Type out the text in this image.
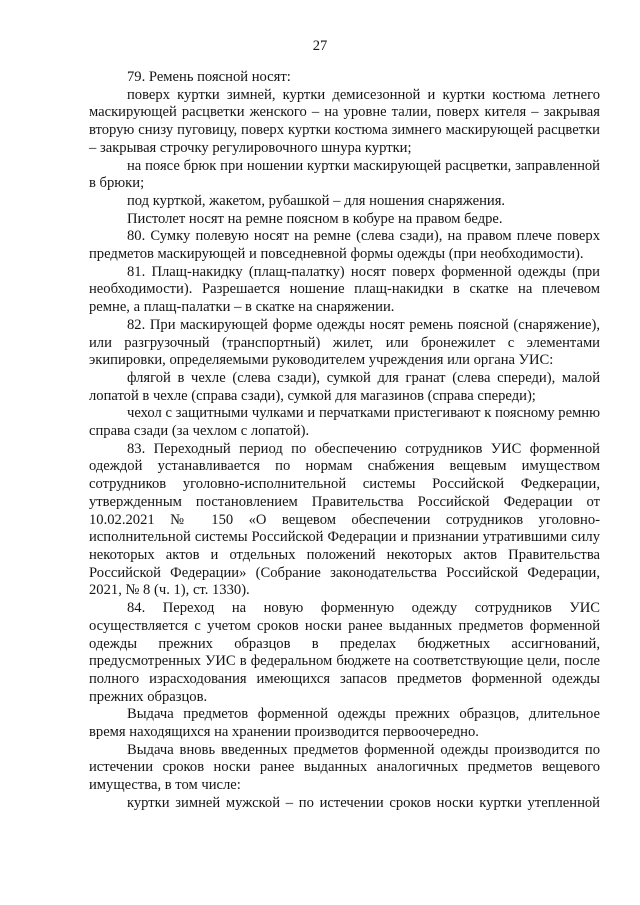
27

79. Ремень поясной носят:

поверх куртки зимней, куртки демисезонной и куртки костюма летнего маскирующей расцветки женского – на уровне талии, поверх кителя – закрывая вторую снизу пуговицу, поверх куртки костюма зимнего маскирующей расцветки – закрывая строчку регулировочного шнура куртки;

на поясе брюк при ношении куртки маскирующей расцветки, заправленной в брюки;

под курткой, жакетом, рубашкой – для ношения снаряжения.

Пистолет носят на ремне поясном в кобуре на правом бедре.

80. Сумку полевую носят на ремне (слева сзади), на правом плече поверх предметов маскирующей и повседневной формы одежды (при необходимости).

81. Плащ-накидку (плащ-палатку) носят поверх форменной одежды (при необходимости). Разрешается ношение плащ-накидки в скатке на плечевом ремне, а плащ-палатки – в скатке на снаряжении.

82. При маскирующей форме одежды носят ремень поясной (снаряжение), или разгрузочный (транспортный) жилет, или бронежилет с элементами экипировки, определяемыми руководителем учреждения или органа УИС:

флягой в чехле (слева сзади), сумкой для гранат (слева спереди), малой лопатой в чехле (справа сзади), сумкой для магазинов (справа спереди);

чехол с защитными чулками и перчатками пристегивают к поясному ремню справа сзади (за чехлом с лопатой).

83. Переходный период по обеспечению сотрудников УИС форменной одеждой устанавливается по нормам снабжения вещевым имуществом сотрудников уголовно-исполнительной системы Российской Федкерации, утвержденным постановлением Правительства Российской Федерации от 10.02.2021 № 150 «О вещевом обеспечении сотрудников уголовно-исполнительной системы Российской Федерации и признании утратившими силу некоторых актов и отдельных положений некоторых актов Правительства Российской Федерации» (Собрание законодательства Российской Федерации, 2021, № 8 (ч. 1), ст. 1330).

84. Переход на новую форменную одежду сотрудников УИС осуществляется с учетом сроков носки ранее выданных предметов форменной одежды прежних образцов в пределах бюджетных ассигнований, предусмотренных УИС в федеральном бюджете на соответствующие цели, после полного израсходования имеющихся запасов предметов форменной одежды прежних образцов.

Выдача предметов форменной одежды прежних образцов, длительное время находящихся на хранении производится первоочередно.

Выдача вновь введенных предметов форменной одежды производится по истечении сроков носки ранее выданных аналогичных предметов вещевого имущества, в том числе:

куртки зимней мужской – по истечении сроков носки куртки утепленной
